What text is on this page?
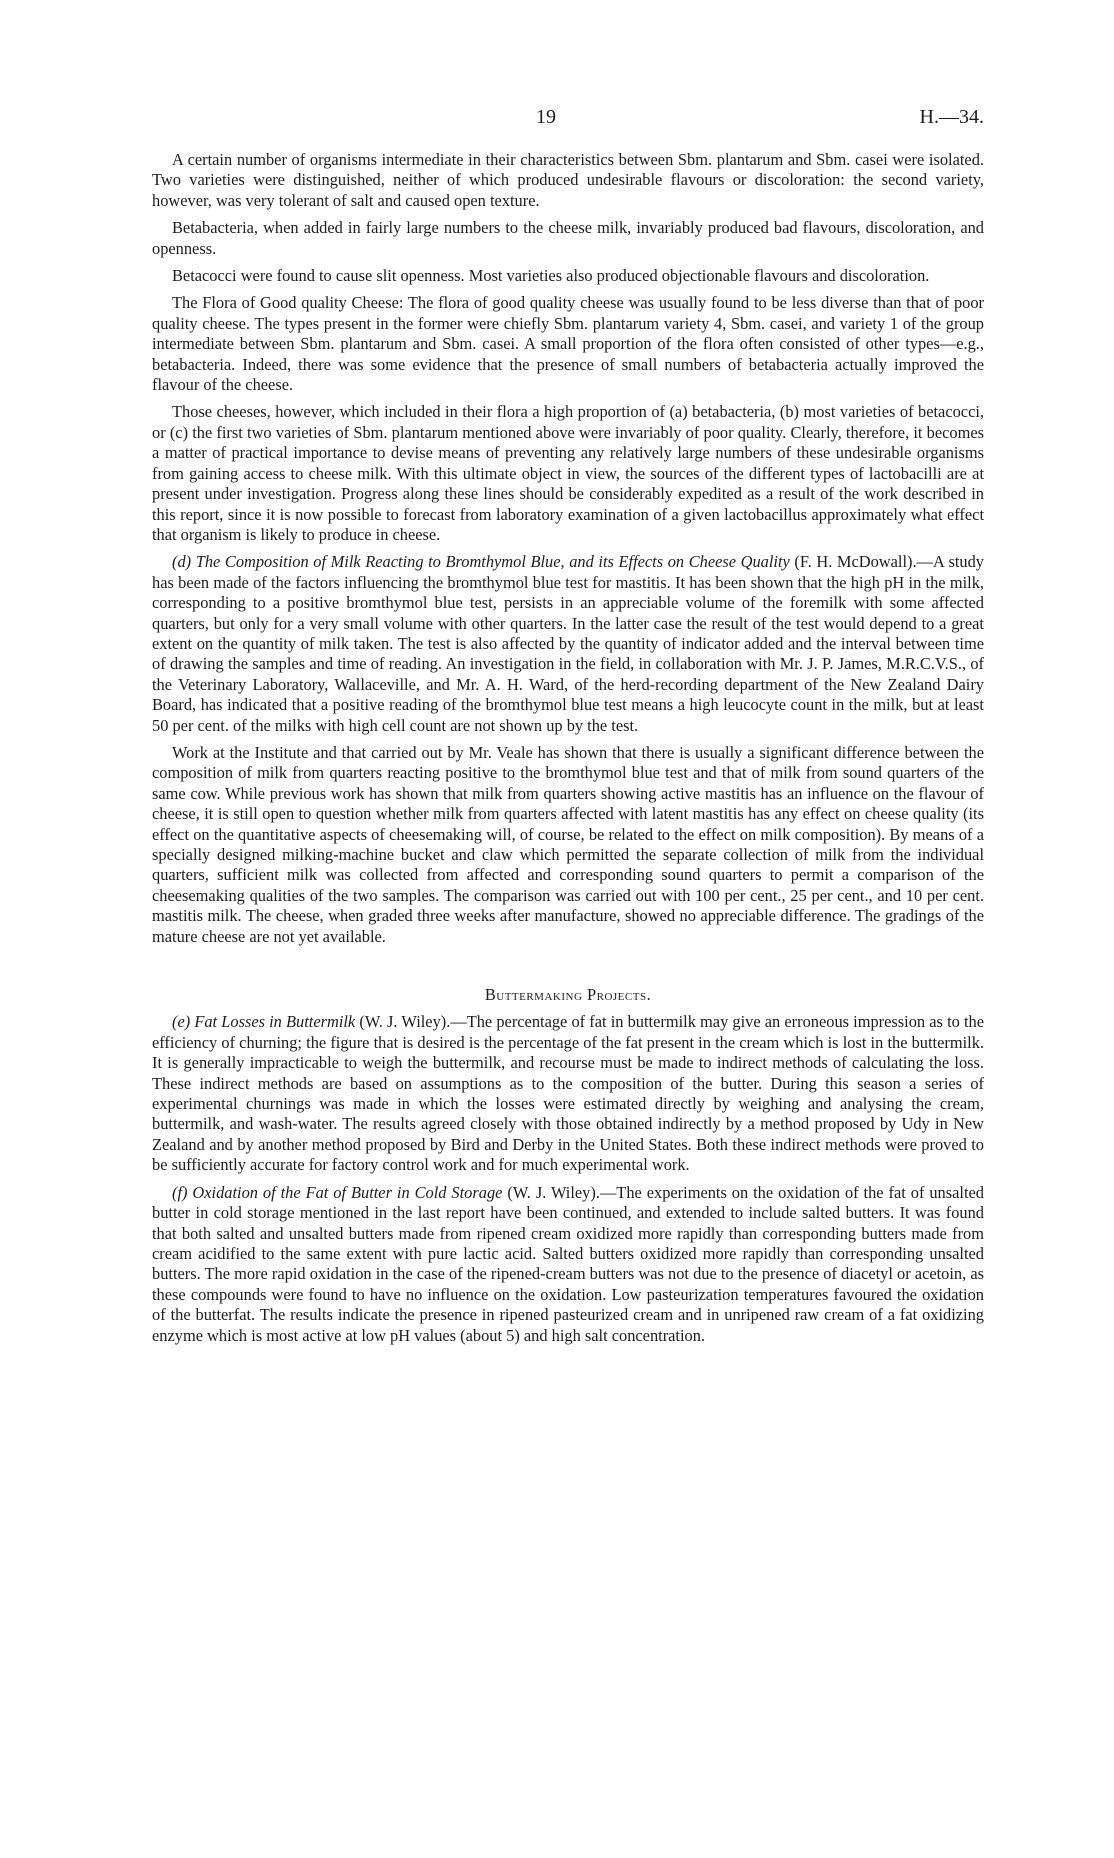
19	H.—34.

A certain number of organisms intermediate in their characteristics between Sbm. plantarum and Sbm. casei were isolated. Two varieties were distinguished, neither of which produced undesirable flavours or discoloration: the second variety, however, was very tolerant of salt and caused open texture.

Betabacteria, when added in fairly large numbers to the cheese milk, invariably produced bad flavours, discoloration, and openness.

Betacocci were found to cause slit openness. Most varieties also produced objectionable flavours and discoloration.

The Flora of Good quality Cheese: The flora of good quality cheese was usually found to be less diverse than that of poor quality cheese. The types present in the former were chiefly Sbm. plantarum variety 4, Sbm. casei, and variety 1 of the group intermediate between Sbm. plantarum and Sbm. casei. A small proportion of the flora often consisted of other types—e.g., betabacteria. Indeed, there was some evidence that the presence of small numbers of betabacteria actually improved the flavour of the cheese.

Those cheeses, however, which included in their flora a high proportion of (a) betabacteria, (b) most varieties of betacocci, or (c) the first two varieties of Sbm. plantarum mentioned above were invariably of poor quality. Clearly, therefore, it becomes a matter of practical importance to devise means of preventing any relatively large numbers of these undesirable organisms from gaining access to cheese milk. With this ultimate object in view, the sources of the different types of lactobacilli are at present under investigation. Progress along these lines should be considerably expedited as a result of the work described in this report, since it is now possible to forecast from laboratory examination of a given lactobacillus approximately what effect that organism is likely to produce in cheese.

(d) The Composition of Milk Reacting to Bromthymol Blue, and its Effects on Cheese Quality (F. H. McDowall).—A study has been made of the factors influencing the bromthymol blue test for mastitis. It has been shown that the high pH in the milk, corresponding to a positive bromthymol blue test, persists in an appreciable volume of the foremilk with some affected quarters, but only for a very small volume with other quarters. In the latter case the result of the test would depend to a great extent on the quantity of milk taken. The test is also affected by the quantity of indicator added and the interval between time of drawing the samples and time of reading. An investigation in the field, in collaboration with Mr. J. P. James, M.R.C.V.S., of the Veterinary Laboratory, Wallaceville, and Mr. A. H. Ward, of the herd-recording department of the New Zealand Dairy Board, has indicated that a positive reading of the bromthymol blue test means a high leucocyte count in the milk, but at least 50 per cent. of the milks with high cell count are not shown up by the test.

Work at the Institute and that carried out by Mr. Veale has shown that there is usually a significant difference between the composition of milk from quarters reacting positive to the bromthymol blue test and that of milk from sound quarters of the same cow. While previous work has shown that milk from quarters showing active mastitis has an influence on the flavour of cheese, it is still open to question whether milk from quarters affected with latent mastitis has any effect on cheese quality (its effect on the quantitative aspects of cheesemaking will, of course, be related to the effect on milk composition). By means of a specially designed milking-machine bucket and claw which permitted the separate collection of milk from the individual quarters, sufficient milk was collected from affected and corresponding sound quarters to permit a comparison of the cheesemaking qualities of the two samples. The comparison was carried out with 100 per cent., 25 per cent., and 10 per cent. mastitis milk. The cheese, when graded three weeks after manufacture, showed no appreciable difference. The gradings of the mature cheese are not yet available.

Buttermaking Projects.

(e) Fat Losses in Buttermilk (W. J. Wiley).—The percentage of fat in buttermilk may give an erroneous impression as to the efficiency of churning; the figure that is desired is the percentage of the fat present in the cream which is lost in the buttermilk. It is generally impracticable to weigh the buttermilk, and recourse must be made to indirect methods of calculating the loss. These indirect methods are based on assumptions as to the composition of the butter. During this season a series of experimental churnings was made in which the losses were estimated directly by weighing and analysing the cream, buttermilk, and wash-water. The results agreed closely with those obtained indirectly by a method proposed by Udy in New Zealand and by another method proposed by Bird and Derby in the United States. Both these indirect methods were proved to be sufficiently accurate for factory control work and for much experimental work.

(f) Oxidation of the Fat of Butter in Cold Storage (W. J. Wiley).—The experiments on the oxidation of the fat of unsalted butter in cold storage mentioned in the last report have been continued, and extended to include salted butters. It was found that both salted and unsalted butters made from ripened cream oxidized more rapidly than corresponding butters made from cream acidified to the same extent with pure lactic acid. Salted butters oxidized more rapidly than corresponding unsalted butters. The more rapid oxidation in the case of the ripened-cream butters was not due to the presence of diacetyl or acetoin, as these compounds were found to have no influence on the oxidation. Low pasteurization temperatures favoured the oxidation of the butterfat. The results indicate the presence in ripened pasteurized cream and in unripened raw cream of a fat oxidizing enzyme which is most active at low pH values (about 5) and high salt concentration.
